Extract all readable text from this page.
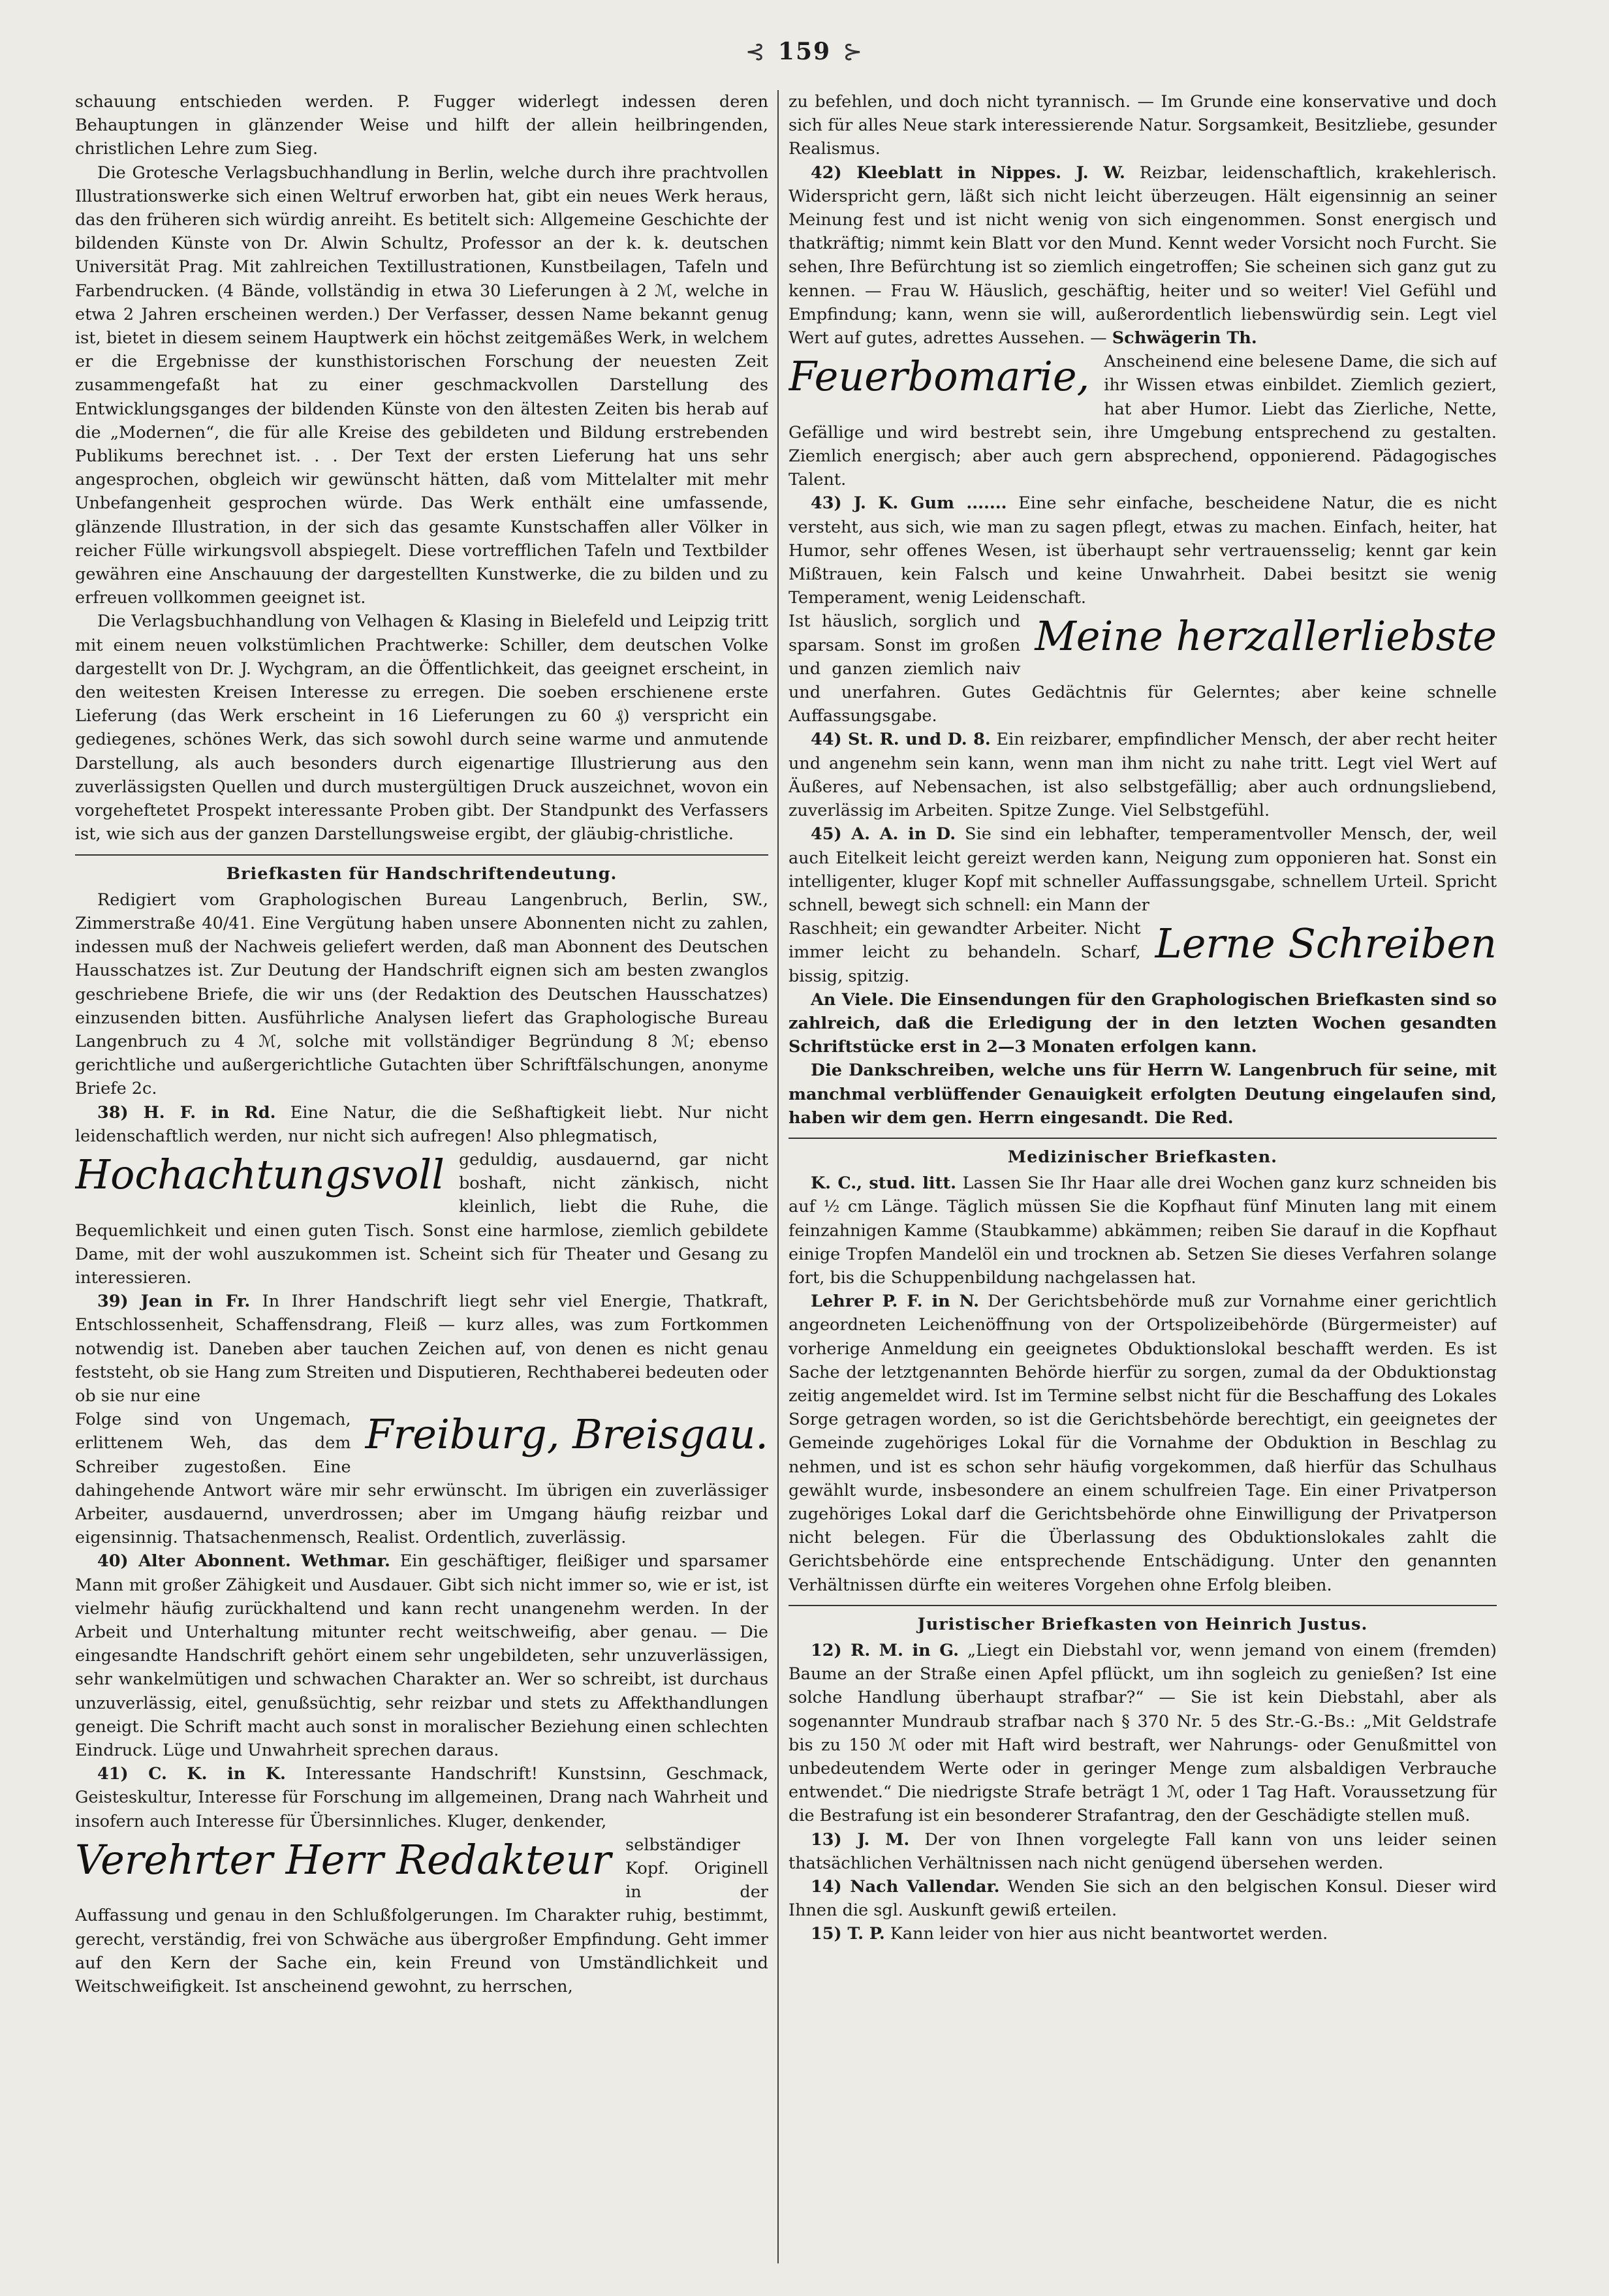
⊰ 159 ⊱

schauung entschieden werden. P. Fugger widerlegt indessen deren Behauptungen in glänzender Weise und hilft der allein heilbringenden, christlichen Lehre zum Sieg.

Die Grotesche Verlagsbuchhandlung in Berlin, welche durch ihre prachtvollen Illustrationswerke sich einen Weltruf erworben hat, gibt ein neues Werk heraus, das den früheren sich würdig anreiht. Es betitelt sich: Allgemeine Geschichte der bildenden Künste von Dr. Alwin Schultz, Professor an der k. k. deutschen Universität Prag. Mit zahlreichen Textillustrationen, Kunstbeilagen, Tafeln und Farbendrucken. (4 Bände, vollständig in etwa 30 Lieferungen à 2 ℳ, welche in etwa 2 Jahren erscheinen werden.) Der Verfasser, dessen Name bekannt genug ist, bietet in diesem seinem Hauptwerk ein höchst zeitgemäßes Werk, in welchem er die Ergebnisse der kunsthistorischen Forschung der neuesten Zeit zusammengefaßt hat zu einer geschmackvollen Darstellung des Entwicklungsganges der bildenden Künste von den ältesten Zeiten bis herab auf die „Modernen“, die für alle Kreise des gebildeten und Bildung erstrebenden Publikums berechnet ist. . . Der Text der ersten Lieferung hat uns sehr angesprochen, obgleich wir gewünscht hätten, daß vom Mittelalter mit mehr Unbefangenheit gesprochen würde. Das Werk enthält eine umfassende, glänzende Illustration, in der sich das gesamte Kunstschaffen aller Völker in reicher Fülle wirkungsvoll abspiegelt. Diese vortrefflichen Tafeln und Textbilder gewähren eine Anschauung der dargestellten Kunstwerke, die zu bilden und zu erfreuen vollkommen geeignet ist.

Die Verlagsbuchhandlung von Velhagen & Klasing in Bielefeld und Leipzig tritt mit einem neuen volkstümlichen Prachtwerke: Schiller, dem deutschen Volke dargestellt von Dr. J. Wychgram, an die Öffentlichkeit, das geeignet erscheint, in den weitesten Kreisen Interesse zu erregen. Die soeben erschienene erste Lieferung (das Werk erscheint in 16 Lieferungen zu 60 ₰) verspricht ein gediegenes, schönes Werk, das sich sowohl durch seine warme und anmutende Darstellung, als auch besonders durch eigenartige Illustrierung aus den zuverlässigsten Quellen und durch mustergültigen Druck auszeichnet, wovon ein vorgeheftetet Prospekt interessante Proben gibt. Der Standpunkt des Verfassers ist, wie sich aus der ganzen Darstellungsweise ergibt, der gläubig-christliche.

Briefkasten für Handschriftendeutung.

Redigiert vom Graphologischen Bureau Langenbruch, Berlin, SW., Zimmerstraße 40/41. Eine Vergütung haben unsere Abonnenten nicht zu zahlen, indessen muß der Nachweis geliefert werden, daß man Abonnent des Deutschen Hausschatzes ist. Zur Deutung der Handschrift eignen sich am besten zwanglos geschriebene Briefe, die wir uns (der Redaktion des Deutschen Hausschatzes) einzusenden bitten. Ausführliche Analysen liefert das Graphologische Bureau Langenbruch zu 4 ℳ, solche mit vollständiger Begründung 8 ℳ; ebenso gerichtliche und außergerichtliche Gutachten über Schriftfälschungen, anonyme Briefe 2c.

38) H. F. in Rd. Eine Natur, die die Seßhaftigkeit liebt. Nur nicht leidenschaftlich werden, nur nicht sich aufregen! Also phlegmatisch,

Hochachtungsvoll geduldig, ausdauernd, gar nicht boshaft, nicht zänkisch, nicht kleinlich, liebt die Ruhe, die Bequemlichkeit und einen guten Tisch. Sonst eine harmlose, ziemlich gebildete Dame, mit der wohl auszukommen ist. Scheint sich für Theater und Gesang zu interessieren.

39) Jean in Fr. In Ihrer Handschrift liegt sehr viel Energie, Thatkraft, Entschlossenheit, Schaffensdrang, Fleiß — kurz alles, was zum Fortkommen notwendig ist. Daneben aber tauchen Zeichen auf, von denen es nicht genau feststeht, ob sie Hang zum Streiten und Disputieren, Rechthaberei bedeuten oder ob sie nur eine

Freiburg, Breisgau.

Folge sind von Ungemach, erlittenem Weh, das dem Schreiber zugestoßen. Eine dahingehende Antwort wäre mir sehr erwünscht. Im übrigen ein zuverlässiger Arbeiter, ausdauernd, unverdrossen; aber im Umgang häufig reizbar und eigensinnig. Thatsachenmensch, Realist. Ordentlich, zuverlässig.

40) Alter Abonnent. Wethmar. Ein geschäftiger, fleißiger und sparsamer Mann mit großer Zähigkeit und Ausdauer. Gibt sich nicht immer so, wie er ist, ist vielmehr häufig zurückhaltend und kann recht unangenehm werden. In der Arbeit und Unterhaltung mitunter recht weitschweifig, aber genau. — Die eingesandte Handschrift gehört einem sehr ungebildeten, sehr unzuverlässigen, sehr wankelmütigen und schwachen Charakter an. Wer so schreibt, ist durchaus unzuverlässig, eitel, genußsüchtig, sehr reizbar und stets zu Affekthandlungen geneigt. Die Schrift macht auch sonst in moralischer Beziehung einen schlechten Eindruck. Lüge und Unwahrheit sprechen daraus.

41) C. K. in K. Interessante Handschrift! Kunstsinn, Geschmack, Geisteskultur, Interesse für Forschung im allgemeinen, Drang nach Wahrheit und insofern auch Interesse für Übersinnliches. Kluger, denkender,

Verehrter Herr Redakteur selbständiger Kopf. Originell in der Auffassung und genau in den Schlußfolgerungen. Im Charakter ruhig, bestimmt, gerecht, verständig, frei von Schwäche aus übergroßer Empfindung. Geht immer auf den Kern der Sache ein, kein Freund von Umständlichkeit und Weitschweifigkeit. Ist anscheinend gewohnt, zu herrschen,

zu befehlen, und doch nicht tyrannisch. — Im Grunde eine konservative und doch sich für alles Neue stark interessierende Natur. Sorgsamkeit, Besitzliebe, gesunder Realismus.

42) Kleeblatt in Nippes. J. W. Reizbar, leidenschaftlich, krakehlerisch. Widerspricht gern, läßt sich nicht leicht überzeugen. Hält eigensinnig an seiner Meinung fest und ist nicht wenig von sich eingenommen. Sonst energisch und thatkräftig; nimmt kein Blatt vor den Mund. Kennt weder Vorsicht noch Furcht. Sie sehen, Ihre Befürchtung ist so ziemlich eingetroffen; Sie scheinen sich ganz gut zu kennen. — Frau W. Häuslich, geschäftig, heiter und so weiter! Viel Gefühl und Empfindung; kann, wenn sie will, außerordentlich liebenswürdig sein. Legt viel Wert auf gutes, adrettes Aussehen. — Schwägerin Th.

Feuerbomarie, Anscheinend eine belesene Dame, die sich auf ihr Wissen etwas einbildet. Ziemlich geziert, hat aber Humor. Liebt das Zierliche, Nette, Gefällige und wird bestrebt sein, ihre Umgebung entsprechend zu gestalten. Ziemlich energisch; aber auch gern absprechend, opponierend. Pädagogisches Talent.

43) J. K. Gum ....... Eine sehr einfache, bescheidene Natur, die es nicht versteht, aus sich, wie man zu sagen pflegt, etwas zu machen. Einfach, heiter, hat Humor, sehr offenes Wesen, ist überhaupt sehr vertrauensselig; kennt gar kein Mißtrauen, kein Falsch und keine Unwahrheit. Dabei besitzt sie wenig Temperament, wenig Leidenschaft.

Meine herzallerliebste

Ist häuslich, sorglich und sparsam. Sonst im großen und ganzen ziemlich naiv und unerfahren. Gutes Gedächtnis für Gelerntes; aber keine schnelle Auffassungsgabe.

44) St. R. und D. 8. Ein reizbarer, empfindlicher Mensch, der aber recht heiter und angenehm sein kann, wenn man ihm nicht zu nahe tritt. Legt viel Wert auf Äußeres, auf Nebensachen, ist also selbstgefällig; aber auch ordnungsliebend, zuverlässig im Arbeiten. Spitze Zunge. Viel Selbstgefühl.

45) A. A. in D. Sie sind ein lebhafter, temperamentvoller Mensch, der, weil auch Eitelkeit leicht gereizt werden kann, Neigung zum opponieren hat. Sonst ein intelligenter, kluger Kopf mit schneller Auffassungsgabe, schnellem Urteil. Spricht schnell, bewegt sich schnell: ein Mann der

Lerne Schreiben

Raschheit; ein gewandter Arbeiter. Nicht immer leicht zu behandeln. Scharf, bissig, spitzig.

An Viele. Die Einsendungen für den Graphologischen Briefkasten sind so zahlreich, daß die Erledigung der in den letzten Wochen gesandten Schriftstücke erst in 2—3 Monaten erfolgen kann.

Die Dankschreiben, welche uns für Herrn W. Langenbruch für seine, mit manchmal verblüffender Genauigkeit erfolgten Deutung eingelaufen sind, haben wir dem gen. Herrn eingesandt. Die Red.

Medizinischer Briefkasten.

K. C., stud. litt. Lassen Sie Ihr Haar alle drei Wochen ganz kurz schneiden bis auf ½ cm Länge. Täglich müssen Sie die Kopfhaut fünf Minuten lang mit einem feinzahnigen Kamme (Staubkamme) abkämmen; reiben Sie darauf in die Kopfhaut einige Tropfen Mandelöl ein und trocknen ab. Setzen Sie dieses Verfahren solange fort, bis die Schuppenbildung nachgelassen hat.

Lehrer P. F. in N. Der Gerichtsbehörde muß zur Vornahme einer gerichtlich angeordneten Leichenöffnung von der Ortspolizeibehörde (Bürgermeister) auf vorherige Anmeldung ein geeignetes Obduktionslokal beschafft werden. Es ist Sache der letztgenannten Behörde hierfür zu sorgen, zumal da der Obduktionstag zeitig angemeldet wird. Ist im Termine selbst nicht für die Beschaffung des Lokales Sorge getragen worden, so ist die Gerichtsbehörde berechtigt, ein geeignetes der Gemeinde zugehöriges Lokal für die Vornahme der Obduktion in Beschlag zu nehmen, und ist es schon sehr häufig vorgekommen, daß hierfür das Schulhaus gewählt wurde, insbesondere an einem schulfreien Tage. Ein einer Privatperson zugehöriges Lokal darf die Gerichtsbehörde ohne Einwilligung der Privatperson nicht belegen. Für die Überlassung des Obduktionslokales zahlt die Gerichtsbehörde eine entsprechende Entschädigung. Unter den genannten Verhältnissen dürfte ein weiteres Vorgehen ohne Erfolg bleiben.

Juristischer Briefkasten von Heinrich Justus.

12) R. M. in G. „Liegt ein Diebstahl vor, wenn jemand von einem (fremden) Baume an der Straße einen Apfel pflückt, um ihn sogleich zu genießen? Ist eine solche Handlung überhaupt strafbar?“ — Sie ist kein Diebstahl, aber als sogenannter Mundraub strafbar nach § 370 Nr. 5 des Str.-G.-Bs.: „Mit Geldstrafe bis zu 150 ℳ oder mit Haft wird bestraft, wer Nahrungs- oder Genußmittel von unbedeutendem Werte oder in geringer Menge zum alsbaldigen Verbrauche entwendet.“ Die niedrigste Strafe beträgt 1 ℳ, oder 1 Tag Haft. Voraussetzung für die Bestrafung ist ein besonderer Strafantrag, den der Geschädigte stellen muß.

13) J. M. Der von Ihnen vorgelegte Fall kann von uns leider seinen thatsächlichen Verhältnissen nach nicht genügend übersehen werden.

14) Nach Vallendar. Wenden Sie sich an den belgischen Konsul. Dieser wird Ihnen die sgl. Auskunft gewiß erteilen.

15) T. P. Kann leider von hier aus nicht beantwortet werden.
